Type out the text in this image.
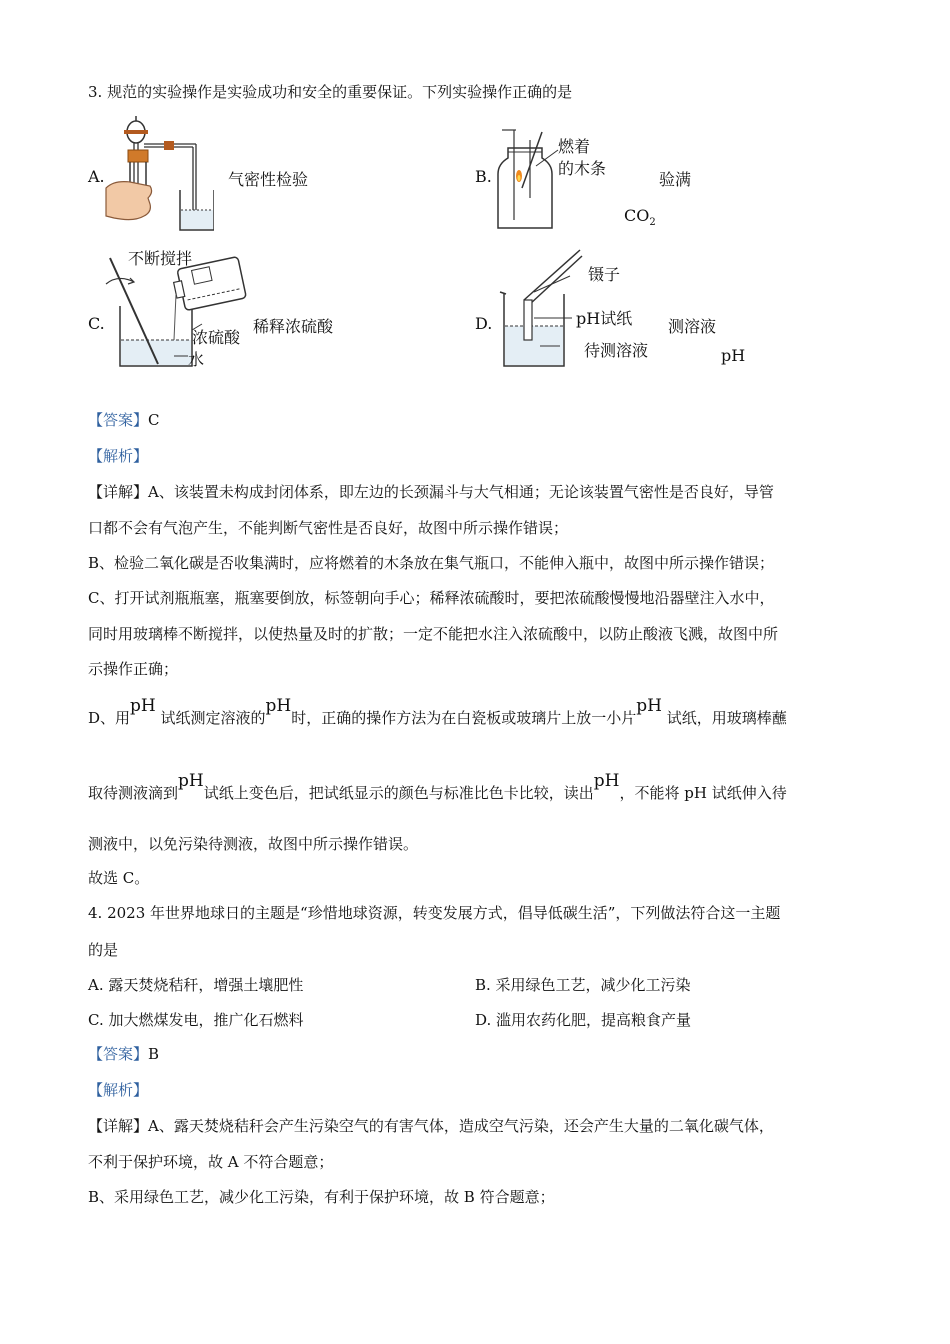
3. 规范的实验操作是实验成功和安全的重要保证。下列实验操作正确的是
A.	气密性检验	B.
燃着
的木条
验满
$CO_2$
C.
不断搅拌
浓硫酸
水
稀释浓硫酸	D.
镊子
pH试纸
待测溶液
测溶液
pH
【答案】C
【解析】
【详解】A、该装置未构成封闭体系，即左边的长颈漏斗与大气相通；无论该装置气密性是否良好，导管
口都不会有气泡产生，不能判断气密性是否良好，故图中所示操作错误；
B、检验二氧化碳是否收集满时，应将燃着的木条放在集气瓶口，不能伸入瓶中，故图中所示操作错误；
C、打开试剂瓶瓶塞，瓶塞要倒放，标签朝向手心；稀释浓硫酸时，要把浓硫酸慢慢地沿器壁注入水中，
同时用玻璃棒不断搅拌，以使热量及时的扩散；一定不能把水注入浓硫酸中，以防止酸液飞溅，故图中所
示操作正确；
D、用pH 试纸测定溶液的pH时，正确的操作方法为在白瓷板或玻璃片上放一小片pH 试纸，用玻璃棒蘸
取待测液滴到pH试纸上变色后，把试纸显示的颜色与标准比色卡比较，读出pH，不能将 pH 试纸伸入待
测液中，以免污染待测液，故图中所示操作错误。
故选 C。
4. 2023 年世界地球日的主题是“珍惜地球资源，转变发展方式，倡导低碳生活”，下列做法符合这一主题
的是
A. 露天焚烧秸秆，增强土壤肥性	B. 采用绿色工艺，减少化工污染
C. 加大燃煤发电，推广化石燃料	D. 滥用农药化肥，提高粮食产量
【答案】B
【解析】
【详解】A、露天焚烧秸秆会产生污染空气的有害气体，造成空气污染，还会产生大量的二氧化碳气体，
不利于保护环境，故 A 不符合题意；
B、采用绿色工艺，减少化工污染，有利于保护环境，故 B 符合题意；
